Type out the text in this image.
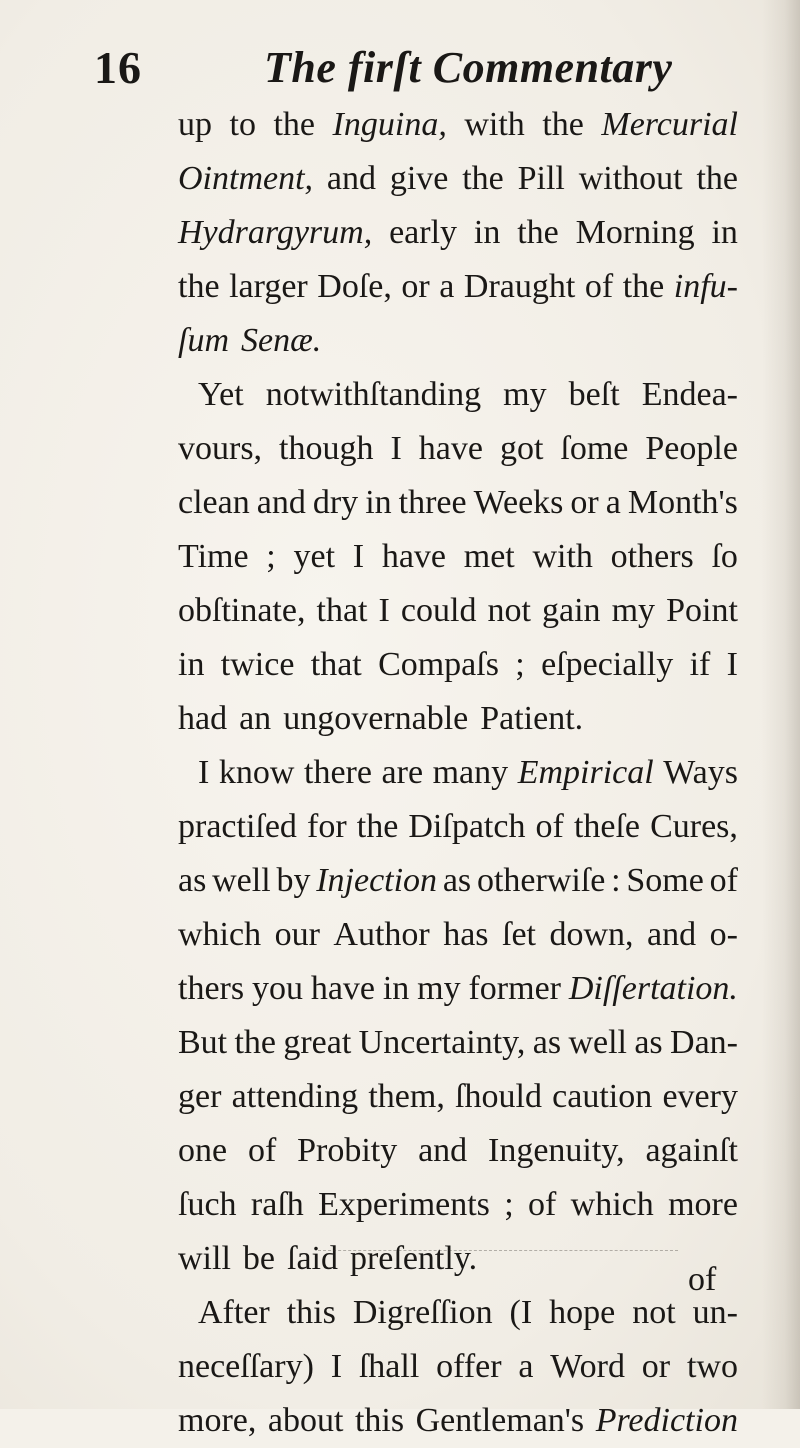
16	The firſt Commentary
up to the Inguina, with the Mercurial
Ointment, and give the Pill without the
Hydrargyrum, early in the Morning in
the larger Doſe, or a Draught of the infu-
ſum Senæ.
Yet notwithſtanding my beſt Endea-
vours, though I have got ſome People
clean and dry in three Weeks or a Month's
Time ; yet I have met with others ſo
obſtinate, that I could not gain my Point
in twice that Compaſs ; eſpecially if I
had an ungovernable Patient.
I know there are many Empirical Ways
practiſed for the Diſpatch of theſe Cures,
as well by Injection as otherwiſe : Some of
which our Author has ſet down, and o-
thers you have in my former Diſſertation.
But the great Uncertainty, as well as Dan-
ger attending them, ſhould caution every
one of Probity and Ingenuity, againſt
ſuch raſh Experiments ; of which more
will be ſaid preſently.
After this Digreſſion (I hope not un-
neceſſary) I ſhall offer a Word or two
more, about this Gentleman's Prediction
of
